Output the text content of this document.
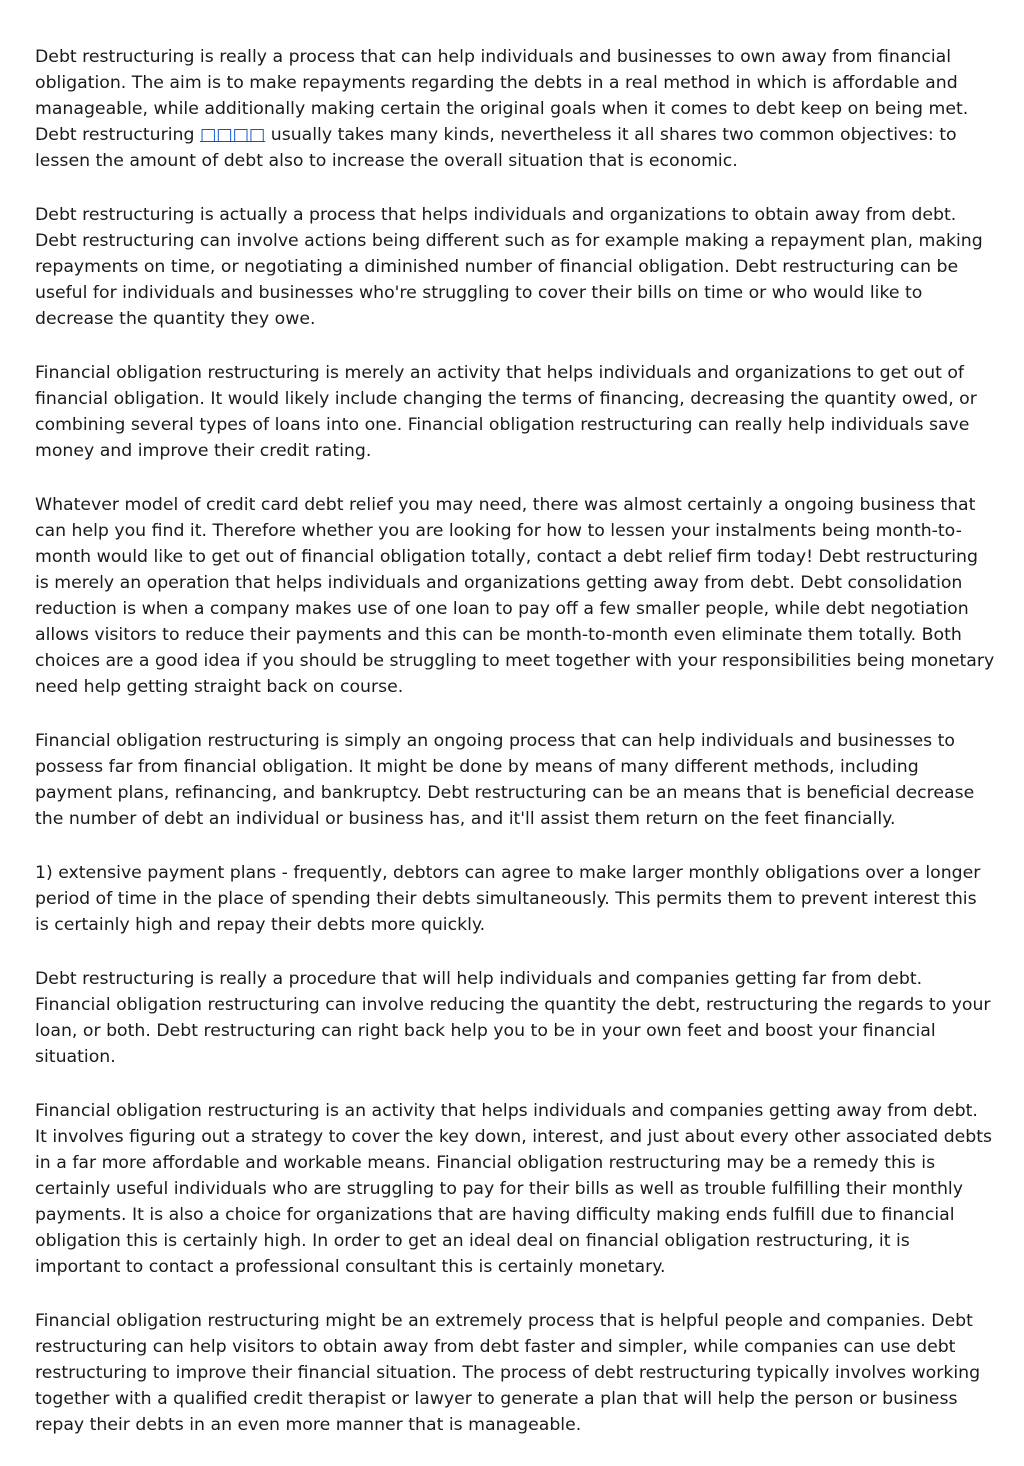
Debt restructuring is really a process that can help individuals and businesses to own away from financial obligation. The aim is to make repayments regarding the debts in a real method in which is affordable and manageable, while additionally making certain the original goals when it comes to debt keep on being met. Debt restructuring □□□□ usually takes many kinds, nevertheless it all shares two common objectives: to lessen the amount of debt also to increase the overall situation that is economic.

Debt restructuring is actually a process that helps individuals and organizations to obtain away from debt. Debt restructuring can involve actions being different such as for example making a repayment plan, making repayments on time, or negotiating a diminished number of financial obligation. Debt restructuring can be useful for individuals and businesses who're struggling to cover their bills on time or who would like to decrease the quantity they owe.

Financial obligation restructuring is merely an activity that helps individuals and organizations to get out of financial obligation. It would likely include changing the terms of financing, decreasing the quantity owed, or combining several types of loans into one. Financial obligation restructuring can really help individuals save money and improve their credit rating.

Whatever model of credit card debt relief you may need, there was almost certainly a ongoing business that can help you find it. Therefore whether you are looking for how to lessen your instalments being month-to-month would like to get out of financial obligation totally, contact a debt relief firm today! Debt restructuring is merely an operation that helps individuals and organizations getting away from debt. Debt consolidation reduction is when a company makes use of one loan to pay off a few smaller people, while debt negotiation allows visitors to reduce their payments and this can be month-to-month even eliminate them totally. Both choices are a good idea if you should be struggling to meet together with your responsibilities being monetary need help getting straight back on course.

Financial obligation restructuring is simply an ongoing process that can help individuals and businesses to possess far from financial obligation. It might be done by means of many different methods, including payment plans, refinancing, and bankruptcy. Debt restructuring can be an means that is beneficial decrease the number of debt an individual or business has, and it'll assist them return on the feet financially.

1) extensive payment plans - frequently, debtors can agree to make larger monthly obligations over a longer period of time in the place of spending their debts simultaneously. This permits them to prevent interest this is certainly high and repay their debts more quickly.

Debt restructuring is really a procedure that will help individuals and companies getting far from debt. Financial obligation restructuring can involve reducing the quantity the debt, restructuring the regards to your loan, or both. Debt restructuring can right back help you to be in your own feet and boost your financial situation.

Financial obligation restructuring is an activity that helps individuals and companies getting away from debt. It involves figuring out a strategy to cover the key down, interest, and just about every other associated debts in a far more affordable and workable means. Financial obligation restructuring may be a remedy this is certainly useful individuals who are struggling to pay for their bills as well as trouble fulfilling their monthly payments. It is also a choice for organizations that are having difficulty making ends fulfill due to financial obligation this is certainly high. In order to get an ideal deal on financial obligation restructuring, it is important to contact a professional consultant this is certainly monetary.

Financial obligation restructuring might be an extremely process that is helpful people and companies. Debt restructuring can help visitors to obtain away from debt faster and simpler, while companies can use debt restructuring to improve their financial situation. The process of debt restructuring typically involves working together with a qualified credit therapist or lawyer to generate a plan that will help the person or business repay their debts in an even more manner that is manageable.
